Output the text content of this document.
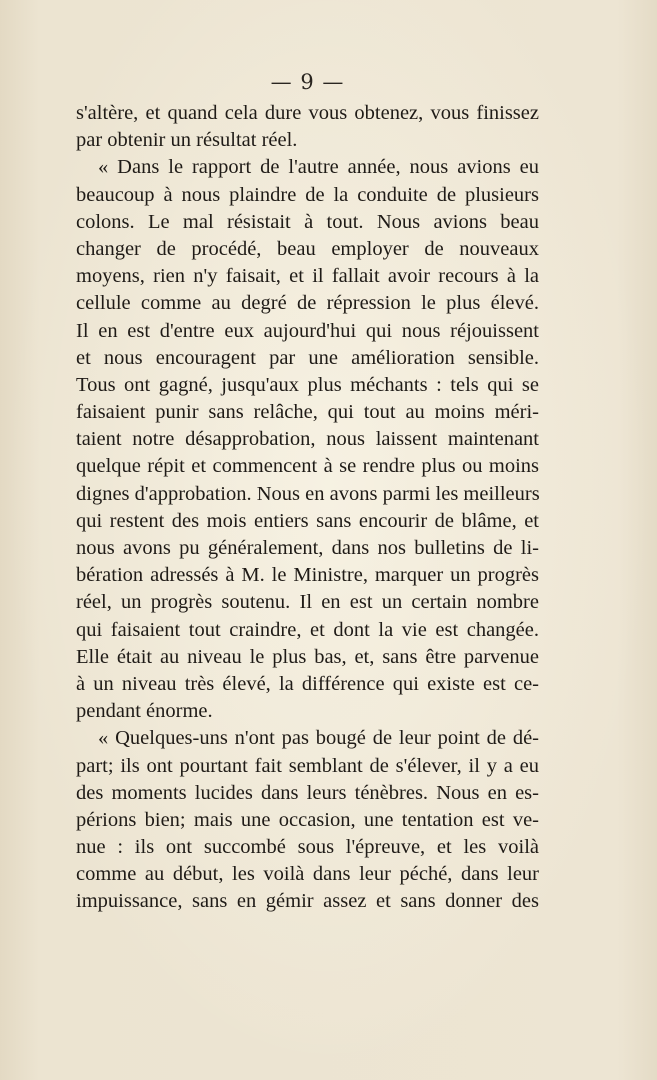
— 9 —
s'altère, et quand cela dure vous obtenez, vous finissez
par obtenir un résultat réel.
« Dans le rapport de l'autre année, nous avions eu
beaucoup à nous plaindre de la conduite de plusieurs
colons. Le mal résistait à tout. Nous avions beau
changer de procédé, beau employer de nouveaux
moyens, rien n'y faisait, et il fallait avoir recours à la
cellule comme au degré de répression le plus élevé.
Il en est d'entre eux aujourd'hui qui nous réjouissent
et nous encouragent par une amélioration sensible.
Tous ont gagné, jusqu'aux plus méchants : tels qui se
faisaient punir sans relâche, qui tout au moins méri-
taient notre désapprobation, nous laissent maintenant
quelque répit et commencent à se rendre plus ou moins
dignes d'approbation. Nous en avons parmi les meilleurs
qui restent des mois entiers sans encourir de blâme, et
nous avons pu généralement, dans nos bulletins de li-
bération adressés à M. le Ministre, marquer un progrès
réel, un progrès soutenu. Il en est un certain nombre
qui faisaient tout craindre, et dont la vie est changée.
Elle était au niveau le plus bas, et, sans être parvenue
à un niveau très élevé, la différence qui existe est ce-
pendant énorme.
« Quelques-uns n'ont pas bougé de leur point de dé-
part; ils ont pourtant fait semblant de s'élever, il y a eu
des moments lucides dans leurs ténèbres. Nous en es-
périons bien; mais une occasion, une tentation est ve-
nue : ils ont succombé sous l'épreuve, et les voilà
comme au début, les voilà dans leur péché, dans leur
impuissance, sans en gémir assez et sans donner des
